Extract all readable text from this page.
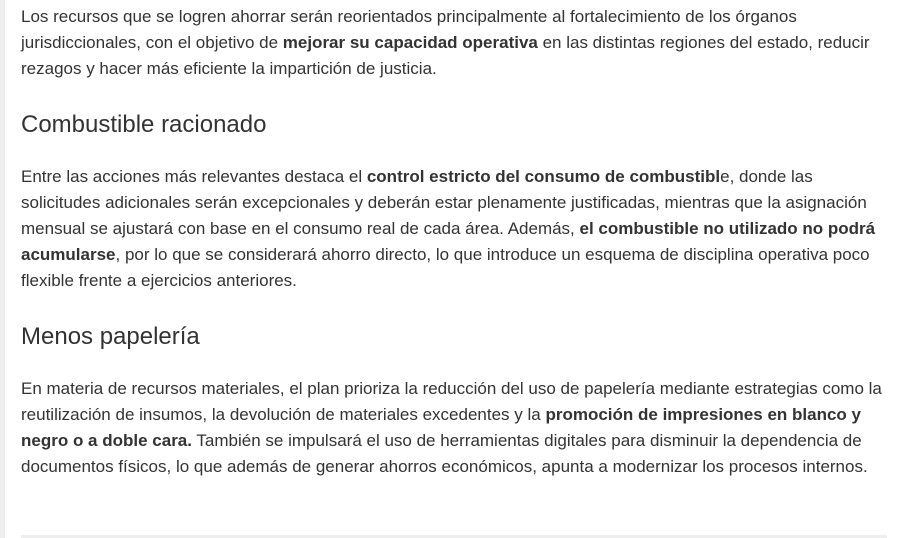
Los recursos que se logren ahorrar serán reorientados principalmente al fortalecimiento de los órganos jurisdiccionales, con el objetivo de mejorar su capacidad operativa en las distintas regiones del estado, reducir rezagos y hacer más eficiente la impartición de justicia.

Combustible racionado

Entre las acciones más relevantes destaca el control estricto del consumo de combustible, donde las solicitudes adicionales serán excepcionales y deberán estar plenamente justificadas, mientras que la asignación mensual se ajustará con base en el consumo real de cada área. Además, el combustible no utilizado no podrá acumularse, por lo que se considerará ahorro directo, lo que introduce un esquema de disciplina operativa poco flexible frente a ejercicios anteriores.

Menos papelería

En materia de recursos materiales, el plan prioriza la reducción del uso de papelería mediante estrategias como la reutilización de insumos, la devolución de materiales excedentes y la promoción de impresiones en blanco y negro o a doble cara. También se impulsará el uso de herramientas digitales para disminuir la dependencia de documentos físicos, lo que además de generar ahorros económicos, apunta a modernizar los procesos internos.
